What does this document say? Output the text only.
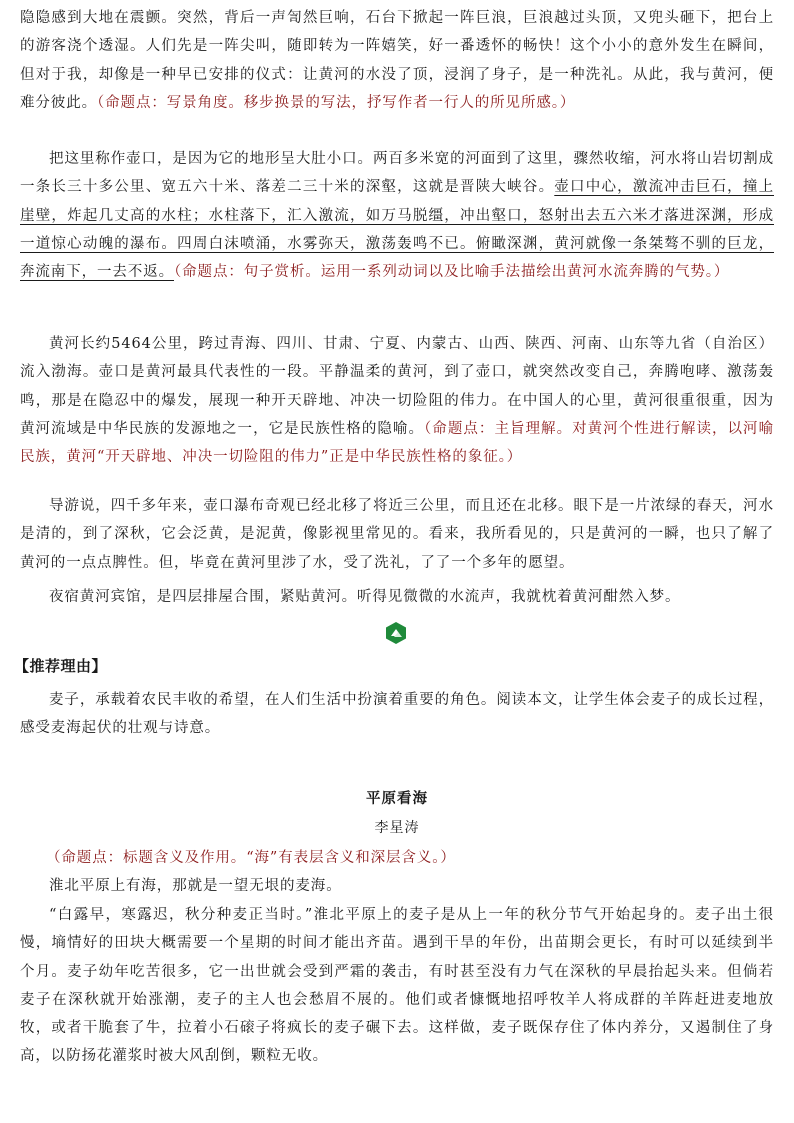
隐隐感到大地在震颤。突然，背后一声訇然巨响，石台下掀起一阵巨浪，巨浪越过头顶，又兜头砸下，把台上的游客浇个透湿。人们先是一阵尖叫，随即转为一阵嬉笑，好一番透怀的畅快！这个小小的意外发生在瞬间，但对于我，却像是一种早已安排的仪式：让黄河的水没了顶，浸润了身子，是一种洗礼。从此，我与黄河，便难分彼此。（命题点：写景角度。移步换景的写法，抒写作者一行人的所见所感。）

把这里称作壶口，是因为它的地形呈大肚小口。两百多米宽的河面到了这里，骤然收缩，河水将山岩切割成一条长三十多公里、宽五六十米、落差二三十米的深壑，这就是晋陕大峡谷。壶口中心，激流冲击巨石，撞上崖壁，炸起几丈高的水柱；水柱落下，汇入激流，如万马脱缰，冲出壑口，怒射出去五六米才落进深渊，形成一道惊心动魄的瀑布。四周白沫喷涌，水雾弥天，激荡轰鸣不已。俯瞰深渊，黄河就像一条桀骜不驯的巨龙，奔流南下，一去不返。（命题点：句子赏析。运用一系列动词以及比喻手法描绘出黄河水流奔腾的气势。）

黄河长约5464公里，跨过青海、四川、甘肃、宁夏、内蒙古、山西、陕西、河南、山东等九省（自治区）流入渤海。壶口是黄河最具代表性的一段。平静温柔的黄河，到了壶口，就突然改变自己，奔腾咆哮、激荡轰鸣，那是在隐忍中的爆发，展现一种开天辟地、冲决一切险阻的伟力。在中国人的心里，黄河很重很重，因为黄河流域是中华民族的发源地之一，它是民族性格的隐喻。（命题点：主旨理解。对黄河个性进行解读，以河喻民族，黄河“开天辟地、冲决一切险阻的伟力”正是中华民族性格的象征。）

导游说，四千多年来，壶口瀑布奇观已经北移了将近三公里，而且还在北移。眼下是一片浓绿的春天，河水是清的，到了深秋，它会泛黄，是泥黄，像影视里常见的。看来，我所看见的，只是黄河的一瞬，也只了解了黄河的一点点脾性。但，毕竟在黄河里涉了水，受了洗礼，了了一个多年的愿望。

夜宿黄河宾馆，是四层排屋合围，紧贴黄河。听得见微微的水流声，我就枕着黄河酣然入梦。

【推荐理由】

麦子，承载着农民丰收的希望，在人们生活中扮演着重要的角色。阅读本文，让学生体会麦子的成长过程，感受麦海起伏的壮观与诗意。

平原看海
李星涛

（命题点：标题含义及作用。“海”有表层含义和深层含义。）

淮北平原上有海，那就是一望无垠的麦海。

“白露早，寒露迟，秋分种麦正当时。”淮北平原上的麦子是从上一年的秋分节气开始起身的。麦子出土很慢，墒情好的田块大概需要一个星期的时间才能出齐苗。遇到干旱的年份，出苗期会更长，有时可以延续到半个月。麦子幼年吃苦很多，它一出世就会受到严霜的袭击，有时甚至没有力气在深秋的早晨抬起头来。但倘若麦子在深秋就开始涨潮，麦子的主人也会愁眉不展的。他们或者慷慨地招呼牧羊人将成群的羊阵赶进麦地放牧，或者干脆套了牛，拉着小石磙子将疯长的麦子碾下去。这样做，麦子既保存住了体内养分，又遏制住了身高，以防扬花灌浆时被大风刮倒，颗粒无收。
